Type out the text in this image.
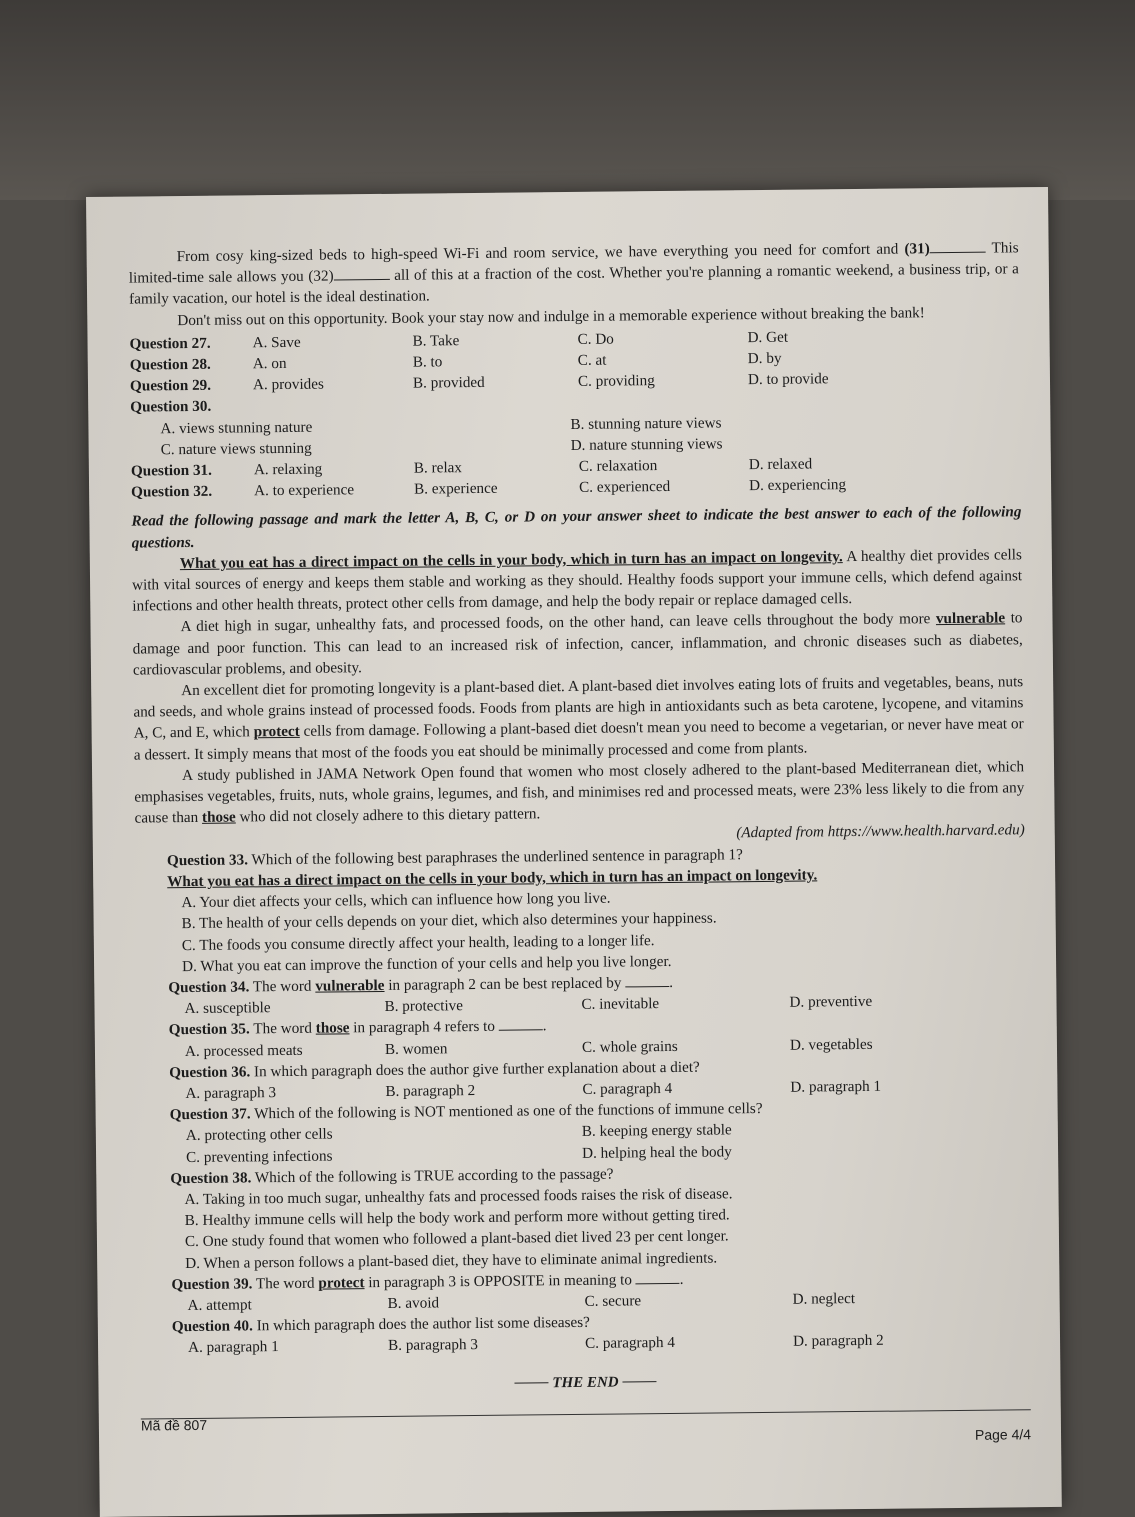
From cosy king-sized beds to high-speed Wi-Fi and room service, we have everything you need for comfort and (31)	This limited-time sale allows you (32)	all of this at a fraction of the cost. Whether you're planning a romantic weekend, a business trip, or a family vacation, our hotel is the ideal destination.

Don't miss out on this opportunity. Book your stay now and indulge in a memorable experience without breaking the bank!

Question 27.	A. Save	B. Take	C. Do	D. Get
Question 28.	A. on	B. to	C. at	D. by
Question 29.	A. provides	B. provided	C. providing	D. to provide
Question 30.
A. views stunning nature	B. stunning nature views
C. nature views stunning	D. nature stunning views
Question 31.	A. relaxing	B. relax	C. relaxation	D. relaxed
Question 32.	A. to experience	B. experience	C. experienced	D. experiencing

Read the following passage and mark the letter A, B, C, or D on your answer sheet to indicate the best answer to each of the following questions.

What you eat has a direct impact on the cells in your body, which in turn has an impact on longevity. A healthy diet provides cells with vital sources of energy and keeps them stable and working as they should. Healthy foods support your immune cells, which defend against infections and other health threats, protect other cells from damage, and help the body repair or replace damaged cells.

A diet high in sugar, unhealthy fats, and processed foods, on the other hand, can leave cells throughout the body more vulnerable to damage and poor function. This can lead to an increased risk of infection, cancer, inflammation, and chronic diseases such as diabetes, cardiovascular problems, and obesity.

An excellent diet for promoting longevity is a plant-based diet. A plant-based diet involves eating lots of fruits and vegetables, beans, nuts and seeds, and whole grains instead of processed foods. Foods from plants are high in antioxidants such as beta carotene, lycopene, and vitamins A, C, and E, which protect cells from damage. Following a plant-based diet doesn't mean you need to become a vegetarian, or never have meat or a dessert. It simply means that most of the foods you eat should be minimally processed and come from plants.

A study published in JAMA Network Open found that women who most closely adhered to the plant-based Mediterranean diet, which emphasises vegetables, fruits, nuts, whole grains, legumes, and fish, and minimises red and processed meats, were 23% less likely to die from any cause than those who did not closely adhere to this dietary pattern.

(Adapted from https://www.health.harvard.edu)

Question 33. Which of the following best paraphrases the underlined sentence in paragraph 1?
What you eat has a direct impact on the cells in your body, which in turn has an impact on longevity.
A. Your diet affects your cells, which can influence how long you live.
B. The health of your cells depends on your diet, which also determines your happiness.
C. The foods you consume directly affect your health, leading to a longer life.
D. What you eat can improve the function of your cells and help you live longer.
Question 34. The word vulnerable in paragraph 2 can be best replaced by	.
A. susceptible	B. protective	C. inevitable	D. preventive
Question 35. The word those in paragraph 4 refers to	.
A. processed meats	B. women	C. whole grains	D. vegetables
Question 36. In which paragraph does the author give further explanation about a diet?
A. paragraph 3	B. paragraph 2	C. paragraph 4	D. paragraph 1
Question 37. Which of the following is NOT mentioned as one of the functions of immune cells?
A. protecting other cells	B. keeping energy stable
C. preventing infections	D. helping heal the body
Question 38. Which of the following is TRUE according to the passage?
A. Taking in too much sugar, unhealthy fats and processed foods raises the risk of disease.
B. Healthy immune cells will help the body work and perform more without getting tired.
C. One study found that women who followed a plant-based diet lived 23 per cent longer.
D. When a person follows a plant-based diet, they have to eliminate animal ingredients.
Question 39. The word protect in paragraph 3 is OPPOSITE in meaning to	.
A. attempt	B. avoid	C. secure	D. neglect
Question 40. In which paragraph does the author list some diseases?
A. paragraph 1	B. paragraph 3	C. paragraph 4	D. paragraph 2
THE END
Mã đề 807
Page 4/4
